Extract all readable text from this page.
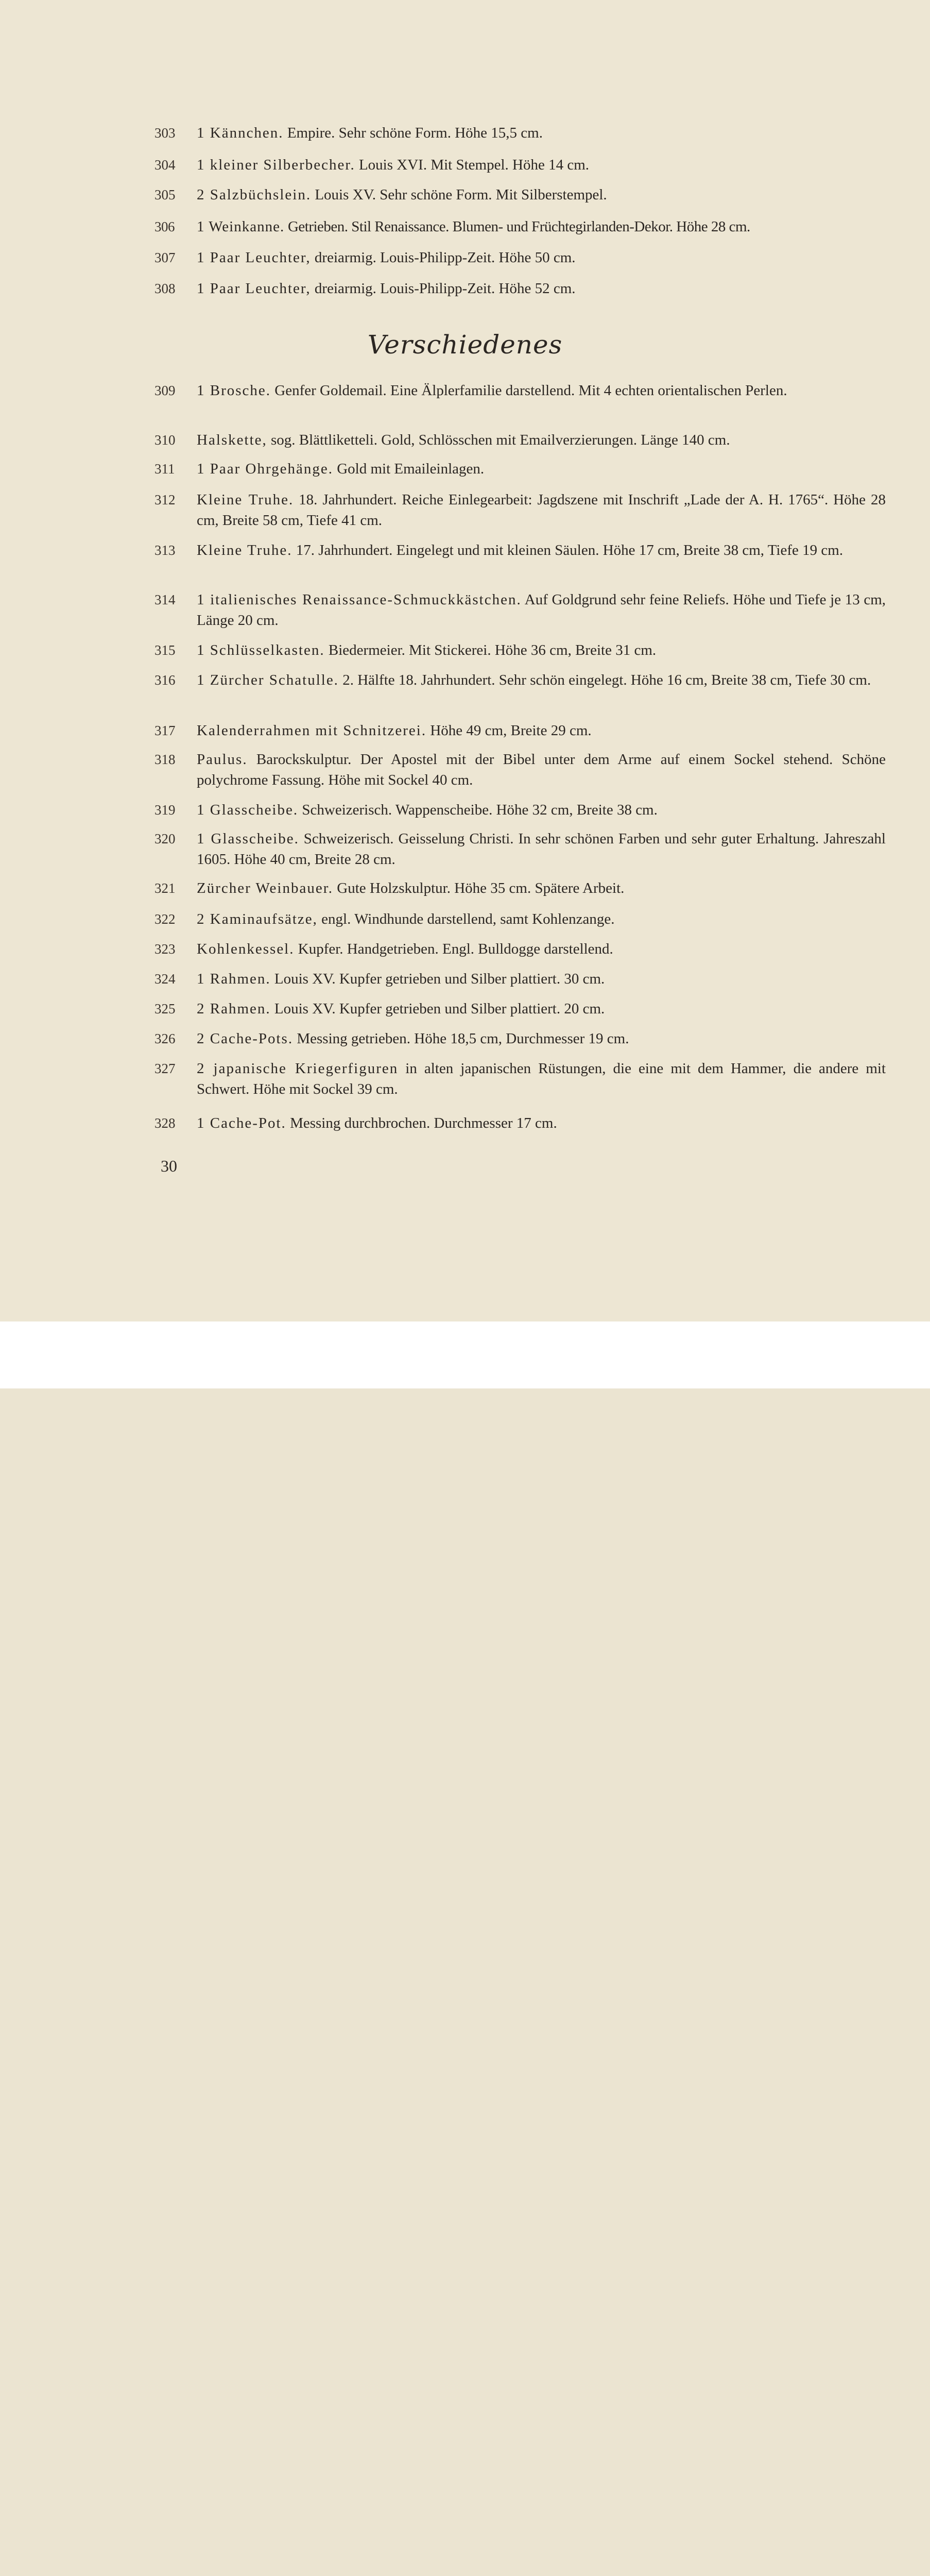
303	1 Kännchen. Empire. Sehr schöne Form. Höhe 15,5 cm.
304	1 kleiner Silberbecher. Louis XVI. Mit Stempel. Höhe 14 cm.
305	2 Salzbüchslein. Louis XV. Sehr schöne Form. Mit Silberstempel.
306	1 Weinkanne. Getrieben. Stil Renaissance. Blumen- und Früchtegirlanden-Dekor. Höhe 28 cm.
307	1 Paar Leuchter, dreiarmig. Louis-Philipp-Zeit. Höhe 50 cm.
308	1 Paar Leuchter, dreiarmig. Louis-Philipp-Zeit. Höhe 52 cm.
Verschiedenes
309	1 Brosche. Genfer Goldemail. Eine Älplerfamilie darstellend. Mit 4 echten orientalischen Perlen.
310	Halskette, sog. Blättliketteli. Gold, Schlösschen mit Emailverzierungen. Länge 140 cm.
311	1 Paar Ohrgehänge. Gold mit Emaileinlagen.
312	Kleine Truhe. 18. Jahrhundert. Reiche Einlegearbeit: Jagdszene mit Inschrift „Lade der A. H. 1765“. Höhe 28 cm, Breite 58 cm, Tiefe 41 cm.
313	Kleine Truhe. 17. Jahrhundert. Eingelegt und mit kleinen Säulen. Höhe 17 cm, Breite 38 cm, Tiefe 19 cm.
314	1 italienisches Renaissance-Schmuckkästchen. Auf Goldgrund sehr feine Reliefs. Höhe und Tiefe je 13 cm, Länge 20 cm.
315	1 Schlüsselkasten. Biedermeier. Mit Stickerei. Höhe 36 cm, Breite 31 cm.
316	1 Zürcher Schatulle. 2. Hälfte 18. Jahrhundert. Sehr schön eingelegt. Höhe 16 cm, Breite 38 cm, Tiefe 30 cm.
317	Kalenderrahmen mit Schnitzerei. Höhe 49 cm, Breite 29 cm.
318	Paulus. Barockskulptur. Der Apostel mit der Bibel unter dem Arme auf einem Sockel stehend. Schöne polychrome Fassung. Höhe mit Sockel 40 cm.
319	1 Glasscheibe. Schweizerisch. Wappenscheibe. Höhe 32 cm, Breite 38 cm.
320	1 Glasscheibe. Schweizerisch. Geisselung Christi. In sehr schönen Farben und sehr guter Erhaltung. Jahreszahl 1605. Höhe 40 cm, Breite 28 cm.
321	Zürcher Weinbauer. Gute Holzskulptur. Höhe 35 cm. Spätere Arbeit.
322	2 Kaminaufsätze, engl. Windhunde darstellend, samt Kohlenzange.
323	Kohlenkessel. Kupfer. Handgetrieben. Engl. Bulldogge darstellend.
324	1 Rahmen. Louis XV. Kupfer getrieben und Silber plattiert. 30 cm.
325	2 Rahmen. Louis XV. Kupfer getrieben und Silber plattiert. 20 cm.
326	2 Cache-Pots. Messing getrieben. Höhe 18,5 cm, Durchmesser 19 cm.
327	2 japanische Kriegerfiguren in alten japanischen Rüstungen, die eine mit dem Hammer, die andere mit Schwert. Höhe mit Sockel 39 cm.
328	1 Cache-Pot. Messing durchbrochen. Durchmesser 17 cm.
30
